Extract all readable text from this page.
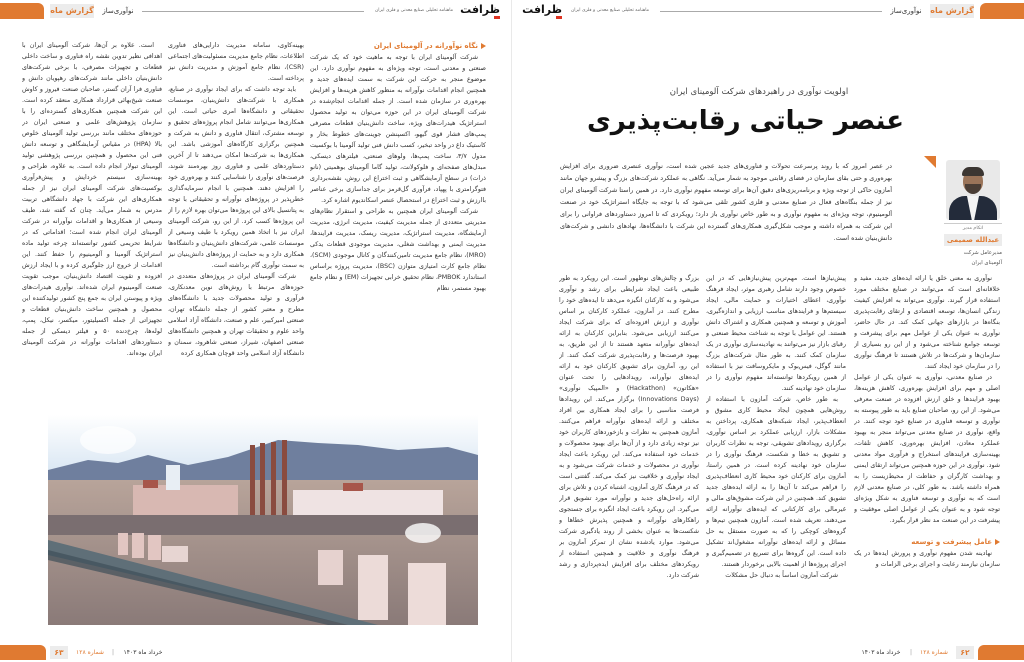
گزارش ماه	نوآوری‌ساز	ماهنامه تحلیلی صنایع معدنی و فلزی ایران ظرافت

است. علاوه بر آن‌ها، شرکت آلومینای ایران با اهدافی نظیر تدوین نقشه راه فناوری و ساخت داخلی قطعات و تجهیزات مصرفی، با برخی شرکت‌های دانش‌بنیان داخلی مانند شرکت‌های رهپویان دانش و فناوری فرا آران گستر، صاحبان صنعت فیروز و کاوش صنعت شیخ‌بهائی قرارداد همکاری منعقد کرده است. این شرکت همچنین همکاری‌های گسترده‌ای را با سازمان پژوهش‌های علمی و صنعتی ایران در حوزه‌های مختلف مانند بررسی تولید آلومینای خلوص بالا (HPA) در مقیاس آزمایشگاهی و توسعه دانش فنی این محصول و همچنین بررسی پژوهشی تولید آلومینای تبولار انجام داده است. به علاوه، طراحی و بهینه‌سازی سیستم خردایش و پیش‌فرآوری بوکسیت‌های شرکت آلومینای ایران نیز از جمله همکاری‌های این شرکت با جهاد دانشگاهی تربیت مدرس به شمار می‌آید. چنان که گفته شد، طیف وسیعی از همکاری‌ها و اقدامات نوآورانه در شرکت آلومینای ایران انجام شده است؛ اقداماتی که در شرایط تحریمی کشور توانسته‌اند چرخه تولید ماده استراتژیک آلومینا و آلومینیوم را حفظ کنند. این اقدامات از خروج ارز جلوگیری کرده و با ایجاد ارزش افزوده و تقویت اقتصاد دانش‌بنیان، موجب تقویت صنعت آلومینیوم ایران شده‌اند. نوآوری هیدرات‌های ویژه و پیوستن ایران به جمع پنج کشور تولیدکننده این محصول و همچنین ساخت دانش‌بنیان قطعات و تجهیزاتی از جمله اکسیلیتور، میکسر، نیکل، پمپ، لوله‌ها، چرخ‌دنده ۵۰ و فیلتر دیسکی از جمله دستاوردهای اقدامات نوآورانه در شرکت آلومینای ایران بوده‌اند.

بهینه‌کاوی، سامانه مدیریت دارایی‌های فناوری اطلاعات، نظام جامع مدیریت مسئولیت‌های اجتماعی (CSR)، نظام جامع آموزش و مدیریت دانش نیز پرداخته است.

باید توجه داشت که برای ایجاد نوآوری در صنایع، همکاری با شرکت‌های دانش‌بنیان، موسسات تحقیقاتی و دانشگاه‌ها امری حیاتی است. این همکاری‌ها می‌توانند شامل انجام پروژه‌های تحقیق و توسعه مشترک، انتقال فناوری و دانش به شرکت و همچنین برگزاری کارگاه‌های آموزشی باشد. این همکاری‌ها به شرکت‌ها امکان می‌دهند تا از آخرین دستاوردهای علمی و فناوری روز بهره‌مند شوند، فرصت‌های نوآوری را شناسایی کنند و بهره‌وری خود را افزایش دهند. همچنین با انجام سرمایه‌گذاری خطرپذیر در پروژه‌های نوآورانه و تحقیقاتی با توجه به پتانسیل بالای این پروژه‌ها می‌توان بهره لازم را از این پروژه‌ها کسب کرد. از این رو، شرکت آلومینای ایران نیز با اتخاذ همین رویکرد با طیف وسیعی از موسسات علمی، شرکت‌های دانش‌بنیان و دانشگاه‌ها همکاری دارد و به حمایت از پروژه‌های دانش‌بنیان نیز به سمت نوآوری گام برداشته است.

شرکت آلومینای ایران در پروژه‌های متعددی در حوزه‌های مرتبط با روش‌های نوین معدنکاری، فرآوری و تولید محصولات جدید با دانشگاه‌های مطرح و معتبر کشور از جمله دانشگاه تهران، صنعتی امیرکبیر، علم و صنعت، دانشگاه آزاد اسلامی واحد علوم و تحقیقات تهران و همچنین دانشگاه‌های صنعتی اصفهان، شیراز، صنعتی شاهرود، سمنان و دانشگاه آزاد اسلامی واحد قوچان همکاری کرده

نگاه نوآورانه در آلومینای ایران

شرکت آلومینای ایران با توجه به ماهیت خود که یک شرکت صنعتی و معدنی است، توجه ویژه‌ای به مفهوم نوآوری دارد. این موضوع منجر به حرکت این شرکت به سمت ایده‌های جدید و همچنین انجام اقدامات نوآورانه به منظور کاهش هزینه‌ها و افزایش بهره‌وری در سازمان شده است. از جمله اقدامات انجام‌شده در شرکت آلومینای ایران در این حوزه می‌توان به تولید محصول استراتژیک هیدرات‌های ویژه، ساخت دانش‌بنیان قطعات مصرفی پمپ‌های فشار قوی گیهو، اکسپنشن جوینت‌های خطوط بخار و کاستیک داغ در واحد تبخیر، کسب دانش فنی تولید آلومینا با بوکسیت مدول ۳/۷، ساخت پمپ‌ها، ولوهای صنعتی، فیلترهای دیسکی، مبدل‌های صفحه‌ای و فلوکولانت، تولید گاما آلومینای بوهمیتی (نانو ذرات) در سطح آزمایشگاهی و ثبت اختراع این روش، نقشه‌برداری فتوگرامتری با پهپاد، فرآوری گل‌قرمز برای جداسازی برخی عناصر باارزش و ثبت اختراع در استحصال عنصر اسکاندیوم اشاره کرد.

شرکت آلومینای ایران همچنین به طراحی و استقرار نظام‌های مدیریتی متعددی از جمله مدیریت کیفیت، مدیریت انرژی، مدیریت آزمایشگاه، مدیریت استراتژیک، مدیریت ریسک، مدیریت فرایندها، مدیریت ایمنی و بهداشت شغلی، مدیریت موجودی قطعات یدکی (MRO)، نظام جامع مدیریت تامین‌کنندگان و کانال موجودی (SCM)، نظام جامع کارت امتیازی متوازن (BSC)، مدیریت پروژه براساس استاندارد PMBOK، نظام تحقیق خرابی تجهیزات (EM) و نظام جامع بهبود مستمر، نظام

۶۳	شماره ۱۲۸	|	خرداد ماه ۱۴۰۳
گزارش ماه
نوآوری‌ساز
ماهنامه تحلیلی صنایع معدنی و فلزی ایران
ظرافت
اولویت نوآوری در راهبردهای شرکت آلومینای ایران
عنصر حیاتی رقابت‌پذیری
اتکام مدیر
عبدالله صمیمی
مدیرعامل شرکت
آلومینای ایران
در عصر امروز که با روند پرسرعت تحولات و فناوری‌های جدید عجین شده است، نوآوری عنصری ضروری برای افزایش بهره‌وری و حتی بقای سازمان در فضای رقابتی موجود به شمار می‌آید. نگاهی به عملکرد شرکت‌های بزرگ و پیشرو جهان مانند آمازون حاکی از توجه ویژه و برنامه‌ریزی‌های دقیق آن‌ها برای توسعه مفهوم نوآوری دارد. در همین راستا شرکت آلومینای ایران نیز از جمله بنگاه‌های فعال در صنایع معدنی و فلزی کشور تلقی می‌شود که با توجه به جایگاه استراتژیک خود در صنعت آلومینیوم، توجه ویژه‌ای به مفهوم نوآوری و به طور خاص نوآوری باز دارد؛ رویکردی که تا امروز دستاوردهای فراوانی را برای این شرکت به همراه داشته و موجب شکل‌گیری همکاری‌های گسترده این شرکت با دانشگاه‌ها، نهادهای دانشی و شرکت‌های دانش‌بنیان شده است.

نوآوری به معنی خلق یا ارائه ایده‌های جدید، مفید و خلاقانه‌ای است که می‌توانند در صنایع مختلف مورد استفاده قرار گیرند. نوآوری می‌تواند به افزایش کیفیت زندگی انسان‌ها، توسعه اقتصادی و ارتقای رقابت‌پذیری بنگاه‌ها در بازارهای جهانی کمک کند. در حال حاضر، نوآوری به عنوان یکی از عوامل مهم برای پیشرفت و توسعه جوامع شناخته می‌شود و از این رو بسیاری از سازمان‌ها و شرکت‌ها در تلاش هستند تا فرهنگ نوآوری را در سازمان خود ایجاد کنند.

در صنایع معدنی، نوآوری به عنوان یکی از عوامل اصلی و مهم برای افزایش بهره‌وری، کاهش هزینه‌ها، بهبود فرایندها و خلق ارزش افزوده در صنعت معرفی می‌شود. از این رو، صاحبان صنایع باید به طور پیوسته به نوآوری و توسعه فناوری در صنایع خود توجه کنند. در واقع، نوآوری در صنایع معدنی می‌تواند منجر به بهبود عملکرد معادن، افزایش بهره‌وری، کاهش تلفات، بهینه‌سازی فرایندهای استخراج و فرآوری مواد معدنی شود. نوآوری در این حوزه همچنین می‌تواند ارتقای ایمنی و بهداشت کارگران و حفاظت از محیط‌زیست را به همراه داشته باشد. به طور کلی، در صنایع معدنی لازم است که به نوآوری و توسعه فناوری به شکل ویژه‌ای توجه شود و به عنوان یکی از عوامل اصلی موفقیت و پیشرفت در این صنعت مد نظر قرار بگیرد.

عامل پیشرفت و توسعه

نهادینه شدن مفهوم نوآوری و پرورش ایده‌ها در یک سازمان نیازمند رعایت و اجرای برخی الزامات و

پیش‌نیازها است. مهم‌ترین پیش‌نیازهایی که در این خصوص وجود دارند شامل رهبری موثر، ایجاد فرهنگ نوآوری، اعطای اختیارات و حمایت مالی، ایجاد سیستم‌ها و فرایندهای مناسب ارزیابی و اندازه‌گیری، آموزش و توسعه و همچنین همکاری و اشتراک دانش هستند. این عوامل با توجه به شناخت محیط صنعتی و رقبای بازار نیز می‌توانند به نهادینه‌سازی نوآوری در یک سازمان کمک کنند. به طور مثال شرکت‌های بزرگ مانند گوگل، فیس‌بوک و مایکروسافت نیز با استفاده از همین رویکردها توانسته‌اند مفهوم نوآوری را در سازمان خود نهادینه کنند.

به طور خاص، شرکت آمازون با استفاده از روش‌هایی همچون ایجاد محیط کاری مشوق و انعطاف‌پذیر، ایجاد شبکه‌های همکاری، پرداختن به مشکلات بازار، ارزیابی عملکرد بر اساس نوآوری، برگزاری رویدادهای تشویقی، توجه به نظرات کاربران و تشویق به خطا و شکست، فرهنگ نوآوری را در سازمان خود نهادینه کرده است. در همین راستا، آمازون برای کارکنان خود محیط کاری انعطاف‌پذیری را فراهم می‌کند تا آن‌ها را به ارائه ایده‌های جدید تشویق کند. همچنین در این شرکت مشوق‌های مالی و غیرمالی برای کارکنانی که ایده‌های نوآورانه ارائه می‌دهند، تعریف شده است. آمازون همچنین تیم‌ها و گروه‌های کوچکی را که به صورت مستقل به حل مسائل و ارائه ایده‌های نوآورانه مشغول‌اند تشکیل داده است. این گروه‌ها برای تسریع در تصمیم‌گیری و اجرای پروژه‌ها از اهمیت بالایی برخوردار هستند.

شرکت آمازون اساساً به دنبال حل مشکلات

بزرگ و چالش‌های نوظهور است. این رویکرد به طور طبیعی باعث ایجاد شرایطی برای رشد و نوآوری می‌شود و به کارکنان انگیزه می‌دهد تا ایده‌های خود را مطرح کنند. در آمازون، عملکرد کارکنان بر اساس نوآوری و ارزش افزوده‌ای که برای شرکت ایجاد می‌کنند ارزیابی می‌شود. بنابراین کارکنان به ارائه ایده‌های نوآورانه متعهد هستند تا از این طریق، به بهبود فرصت‌ها و رقابت‌پذیری شرکت کمک کنند. از این رو، آمازون برای تشویق کارکنان خود به ارائه ایده‌های نوآورانه، رویدادهایی را تحت عنوان «هکاتون» (Hackathon) و «المپیک نوآوری» (Innovations Days) برگزار می‌کند. این رویدادها فرصت مناسبی را برای ایجاد همکاری بین افراد مختلف و ارائه ایده‌های نوآورانه فراهم می‌کنند. آمازون همچنین به نظرات و بازخوردهای کاربران خود نیز توجه زیادی دارد و از آن‌ها برای بهبود محصولات و خدمات خود استفاده می‌کند. این رویکرد باعث ایجاد نوآوری در محصولات و خدمات شرکت می‌شود و به ایجاد نوآوری و خلاقیت نیز کمک می‌کند. گفتنی است که در فرهنگ کاری آمازون، اشتباه کردن و تلاش برای ارائه راه‌حل‌های جدید و نوآورانه مورد تشویق قرار می‌گیرد. این رویکرد باعث ایجاد انگیزه برای جستجوی راهکارهای نوآورانه و همچنین پذیرش خطاها و شکست‌ها به عنوان بخشی از روند یادگیری شرکت می‌شود. موارد یادشده نشان از تمرکز آمازون بر فرهنگ نوآوری و خلاقیت و همچنین استفاده از رویکردهای مختلف برای افزایش ایده‌پردازی و رشد شرکت دارد.

۶۲
شماره ۱۲۸
|
خرداد ماه ۱۴۰۳
